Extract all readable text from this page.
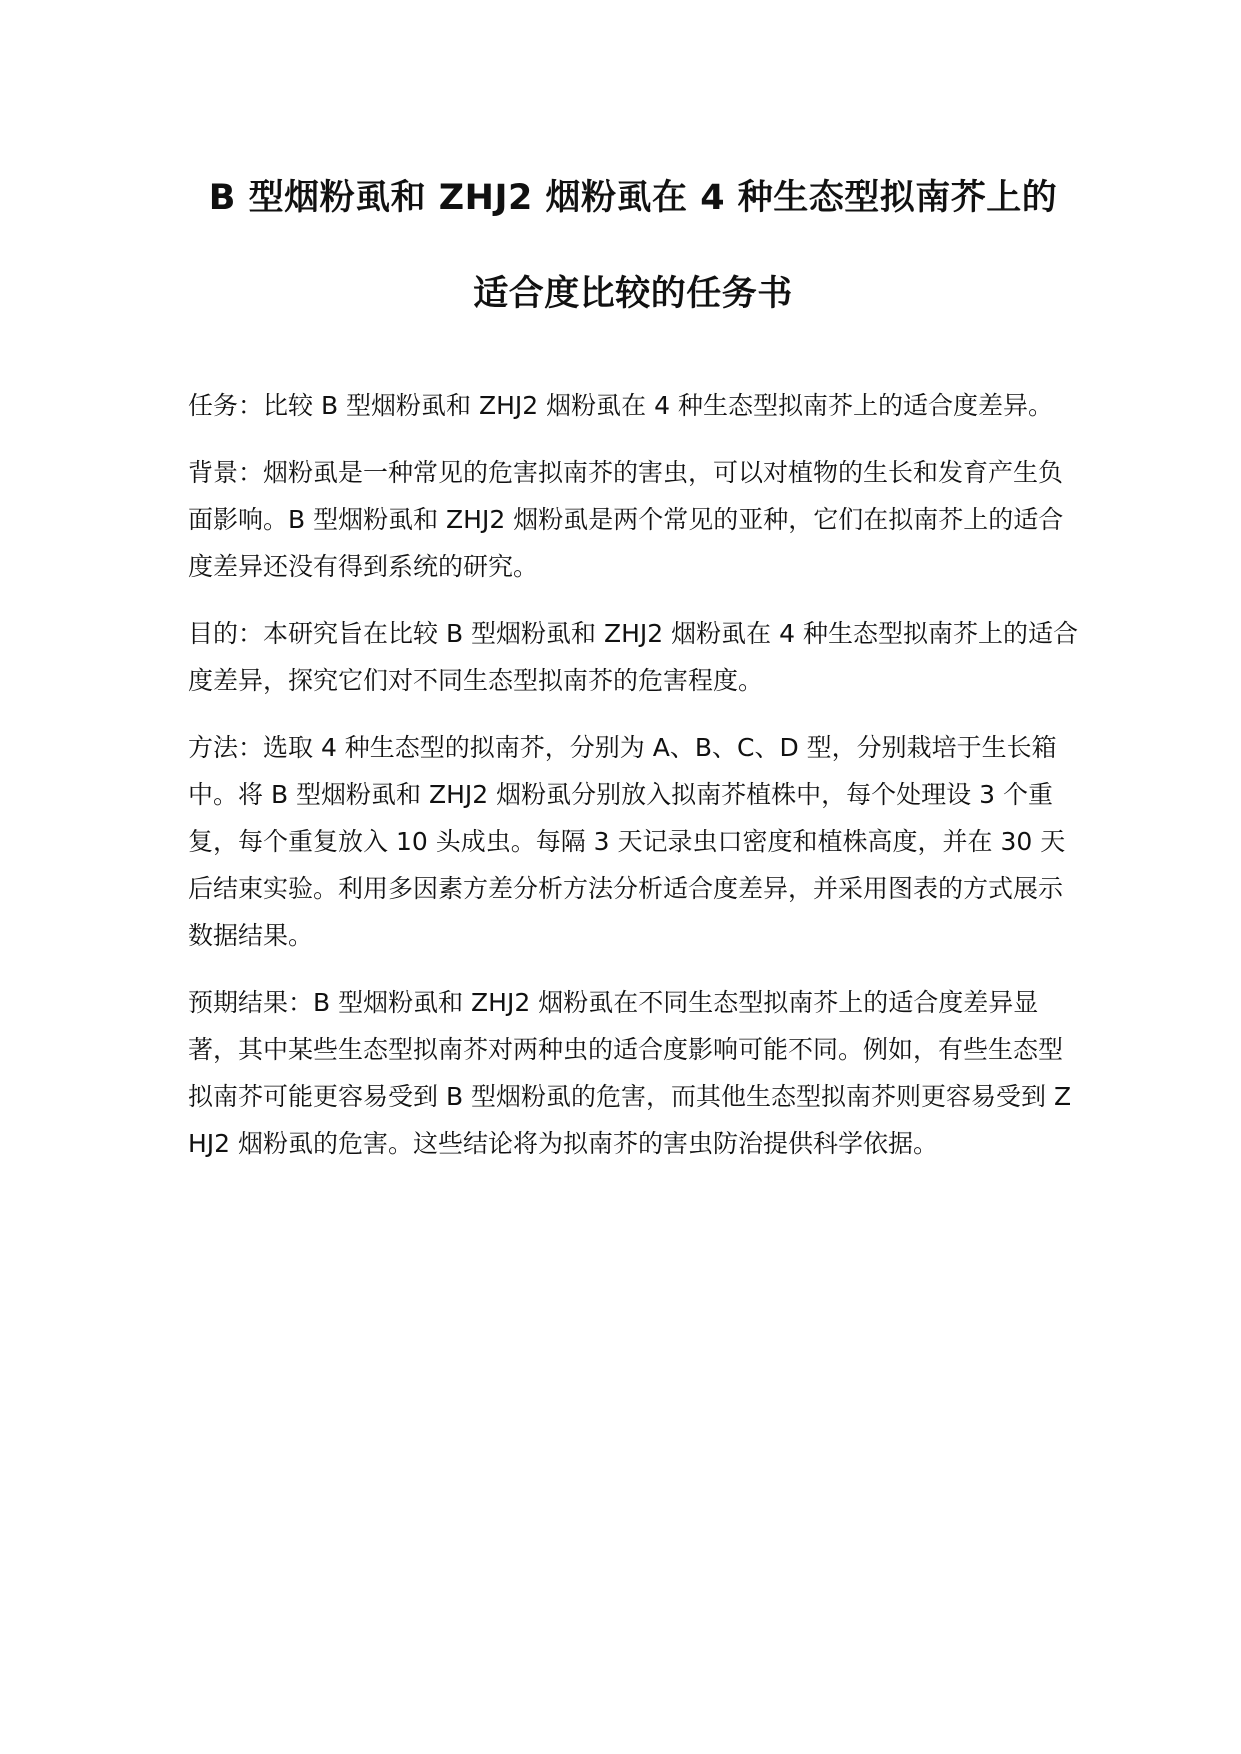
B 型烟粉虱和 ZHJ2 烟粉虱在 4 种生态型拟南芥上的
适合度比较的任务书

任务：比较 B 型烟粉虱和 ZHJ2 烟粉虱在 4 种生态型拟南芥上的适合度差异。

背景：烟粉虱是一种常见的危害拟南芥的害虫，可以对植物的生长和发育产生负面影响。B 型烟粉虱和 ZHJ2 烟粉虱是两个常见的亚种，它们在拟南芥上的适合度差异还没有得到系统的研究。

目的：本研究旨在比较 B 型烟粉虱和 ZHJ2 烟粉虱在 4 种生态型拟南芥上的适合度差异，探究它们对不同生态型拟南芥的危害程度。

方法：选取 4 种生态型的拟南芥，分别为 A、B、C、D 型，分别栽培于生长箱中。将 B 型烟粉虱和 ZHJ2 烟粉虱分别放入拟南芥植株中，每个处理设 3 个重复，每个重复放入 10 头成虫。每隔 3 天记录虫口密度和植株高度，并在 30 天后结束实验。利用多因素方差分析方法分析适合度差异，并采用图表的方式展示数据结果。

预期结果：B 型烟粉虱和 ZHJ2 烟粉虱在不同生态型拟南芥上的适合度差异显著，其中某些生态型拟南芥对两种虫的适合度影响可能不同。例如，有些生态型拟南芥可能更容易受到 B 型烟粉虱的危害，而其他生态型拟南芥则更容易受到 ZHJ2 烟粉虱的危害。这些结论将为拟南芥的害虫防治提供科学依据。
